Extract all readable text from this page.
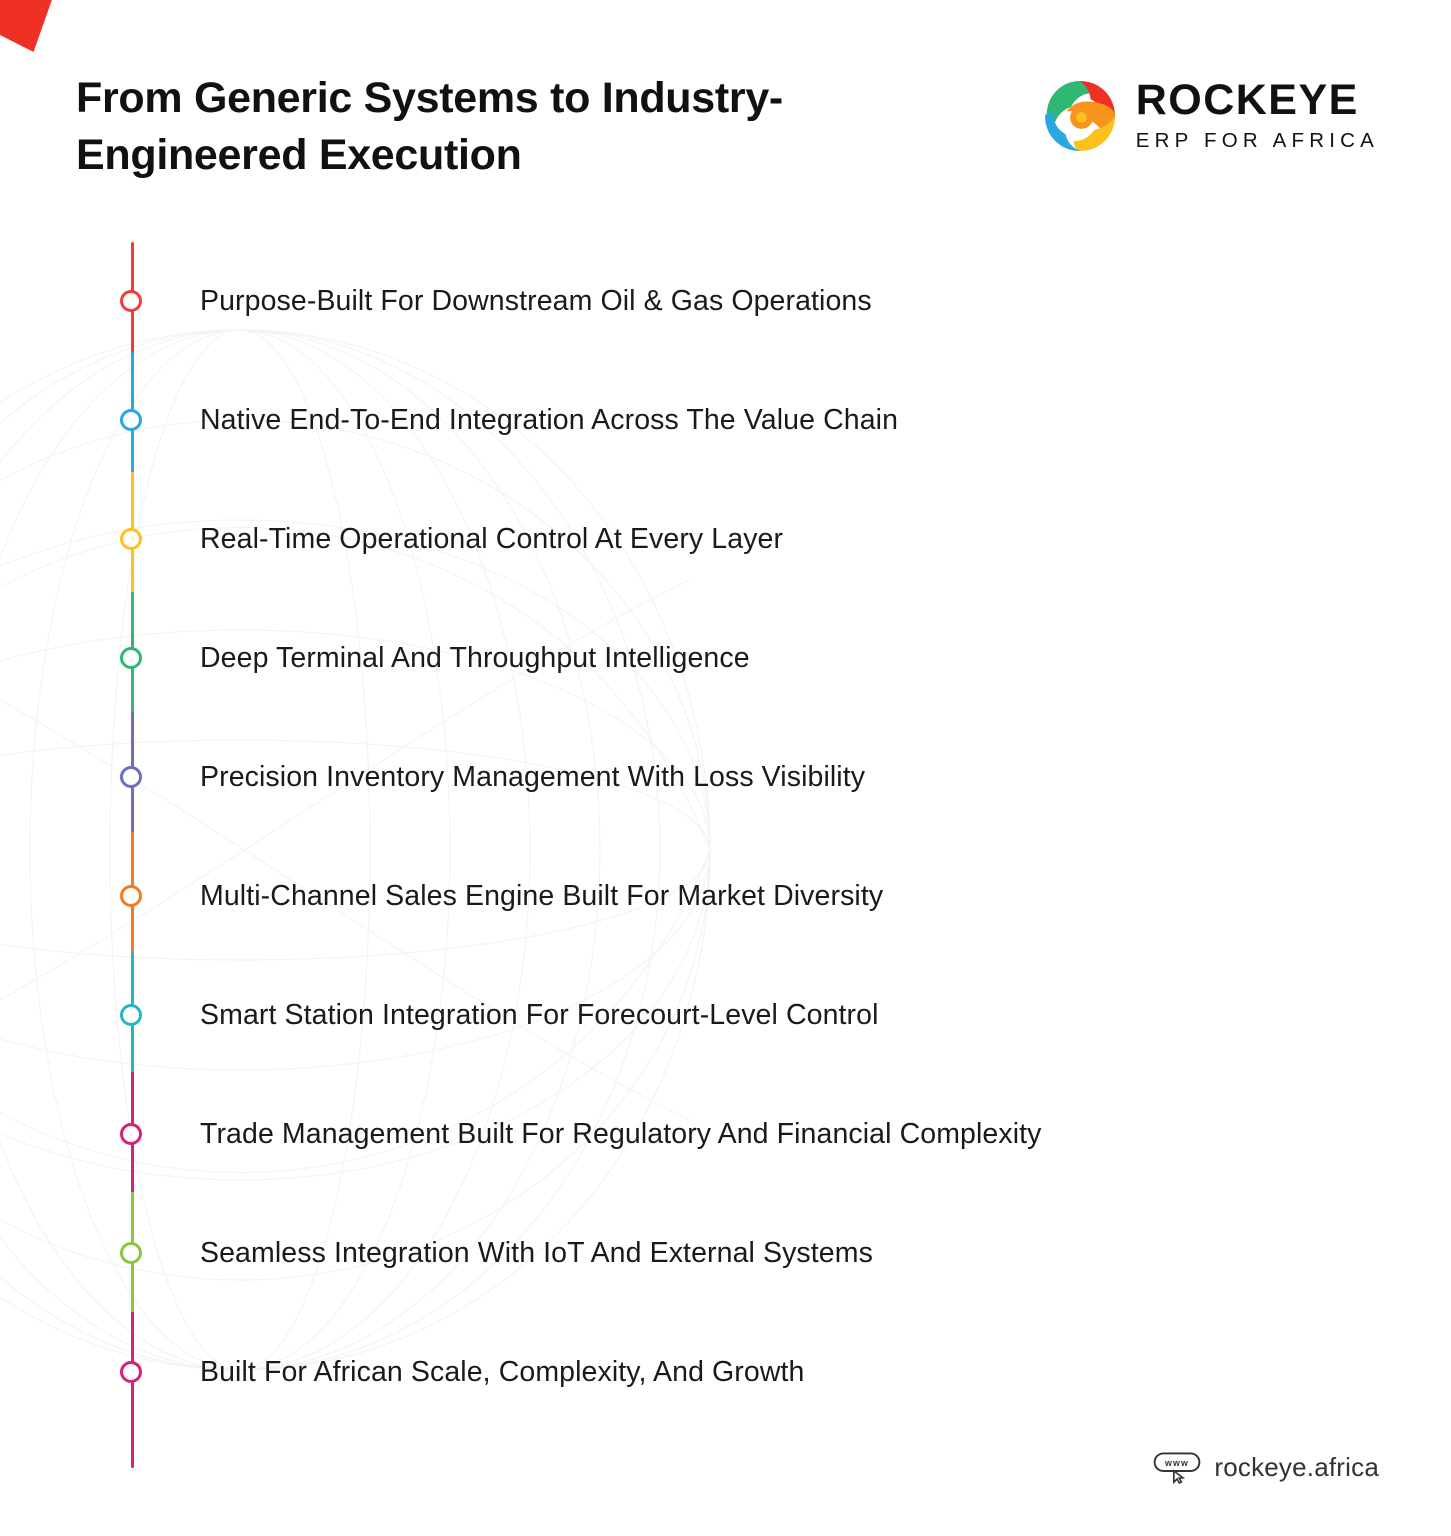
From Generic Systems to Industry-Engineered Execution
ROCKEYE
ERP FOR AFRICA
Purpose-Built For Downstream Oil & Gas Operations
Native End-To-End Integration Across The Value Chain
Real-Time Operational Control At Every Layer
Deep Terminal And Throughput Intelligence
Precision Inventory Management With Loss Visibility
Multi-Channel Sales Engine Built For Market Diversity
Smart Station Integration For Forecourt-Level Control
Trade Management Built For Regulatory And Financial Complexity
Seamless Integration With IoT And External Systems
Built For African Scale, Complexity, And Growth
www rockeye.africa
